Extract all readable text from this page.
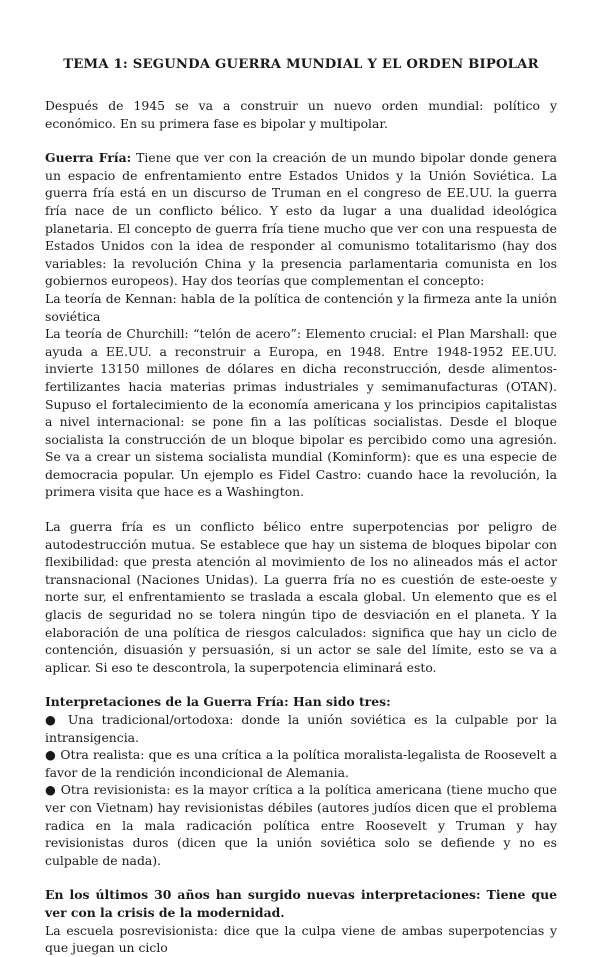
TEMA 1: SEGUNDA GUERRA MUNDIAL Y EL ORDEN BIPOLAR

Después de 1945 se va a construir un nuevo orden mundial: político y económico. En su primera fase es bipolar y multipolar.

Guerra Fría: Tiene que ver con la creación de un mundo bipolar donde genera un espacio de enfrentamiento entre Estados Unidos y la Unión Soviética. La guerra fría está en un discurso de Truman en el congreso de EE.UU. la guerra fría nace de un conflicto bélico. Y esto da lugar a una dualidad ideológica planetaria. El concepto de guerra fría tiene mucho que ver con una respuesta de Estados Unidos con la idea de responder al comunismo totalitarismo (hay dos variables: la revolución China y la presencia parlamentaria comunista en los gobiernos europeos). Hay dos teorías que complementan el concepto:

La teoría de Kennan: habla de la política de contención y la firmeza ante la unión soviética

La teoría de Churchill: “telón de acero”: Elemento crucial: el Plan Marshall: que ayuda a EE.UU. a reconstruir a Europa, en 1948. Entre 1948-1952 EE.UU. invierte 13150 millones de dólares en dicha reconstrucción, desde alimentos-fertilizantes hacia materias primas industriales y semimanufacturas (OTAN). Supuso el fortalecimiento de la economía americana y los principios capitalistas a nivel internacional: se pone fin a las políticas socialistas. Desde el bloque socialista la construcción de un bloque bipolar es percibido como una agresión. Se va a crear un sistema socialista mundial (Kominform): que es una especie de democracia popular. Un ejemplo es Fidel Castro: cuando hace la revolución, la primera visita que hace es a Washington.

La guerra fría es un conflicto bélico entre superpotencias por peligro de autodestrucción mutua. Se establece que hay un sistema de bloques bipolar con flexibilidad: que presta atención al movimiento de los no alineados más el actor transnacional (Naciones Unidas). La guerra fría no es cuestión de este-oeste y norte sur, el enfrentamiento se traslada a escala global. Un elemento que es el glacis de seguridad no se tolera ningún tipo de desviación en el planeta. Y la elaboración de una política de riesgos calculados: significa que hay un ciclo de contención, disuasión y persuasión, si un actor se sale del límite, esto se va a aplicar. Si eso te descontrola, la superpotencia eliminará esto.

Interpretaciones de la Guerra Fría: Han sido tres:

● Una tradicional/ortodoxa: donde la unión soviética es la culpable por la intransigencia.

● Otra realista: que es una crítica a la política moralista-legalista de Roosevelt a favor de la rendición incondicional de Alemania.

● Otra revisionista: es la mayor crítica a la política americana (tiene mucho que ver con Vietnam) hay revisionistas débiles (autores judíos dicen que el problema radica en la mala radicación política entre Roosevelt y Truman y hay revisionistas duros (dicen que la unión soviética solo se defiende y no es culpable de nada).

En los últimos 30 años han surgido nuevas interpretaciones: Tiene que ver con la crisis de la modernidad.

La escuela posrevisionista: dice que la culpa viene de ambas superpotencias y que juegan un ciclo
